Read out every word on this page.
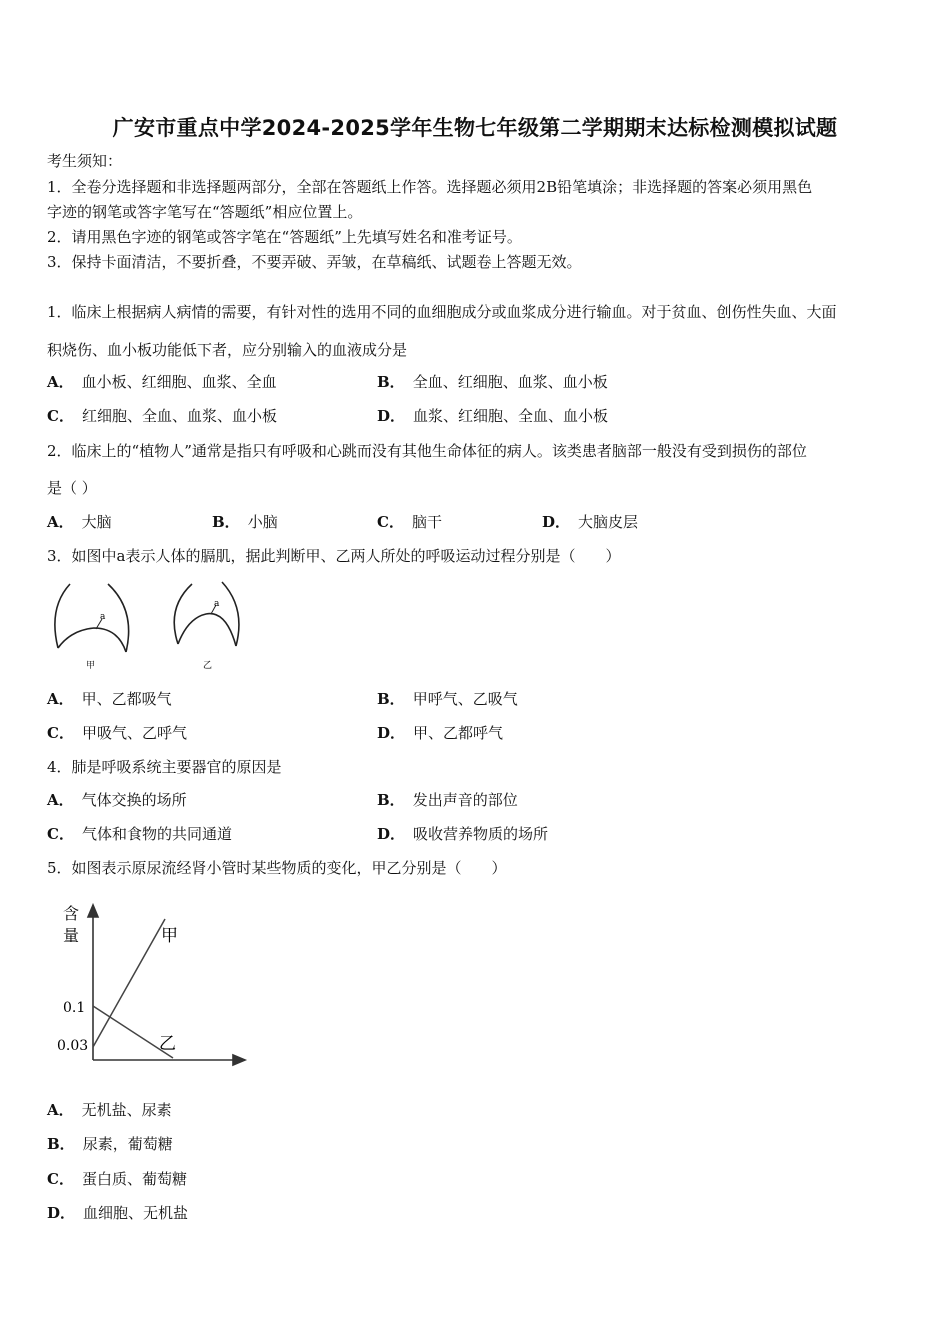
广安市重点中学2024-2025学年生物七年级第二学期期末达标检测模拟试题
考生须知：
1．全卷分选择题和非选择题两部分，全部在答题纸上作答。选择题必须用2B铅笔填涂；非选择题的答案必须用黑色
字迹的钢笔或答字笔写在“答题纸”相应位置上。
2．请用黑色字迹的钢笔或答字笔在“答题纸”上先填写姓名和准考证号。
3．保持卡面清洁，不要折叠，不要弄破、弄皱，在草稿纸、试题卷上答题无效。
1．临床上根据病人病情的需要，有针对性的选用不同的血细胞成分或血浆成分进行输血。对于贫血、创伤性失血、大面
积烧伤、血小板功能低下者，应分别输入的血液成分是
A． 血小板、红细胞、血浆、全血	B． 全血、红细胞、血浆、血小板
C． 红细胞、全血、血浆、血小板	D． 血浆、红细胞、全血、血小板
2．临床上的“植物人”通常是指只有呼吸和心跳而没有其他生命体征的病人。该类患者脑部一般没有受到损伤的部位
是（ ）
A． 大脑	B． 小脑	C． 脑干	D． 大脑皮层
3．如图中a表示人体的膈肌，据此判断甲、乙两人所处的呼吸运动过程分别是（　　）
a
甲
a
乙
A． 甲、乙都吸气	B． 甲呼气、乙吸气
C． 甲吸气、乙呼气	D． 甲、乙都呼气
4．肺是呼吸系统主要器官的原因是
A． 气体交换的场所	B． 发出声音的部位
C． 气体和食物的共同通道	D． 吸收营养物质的场所
5．如图表示原尿流经肾小管时某些物质的变化，甲乙分别是（　　）
含
量
0.1
0.03
甲
乙
A． 无机盐、尿素
B． 尿素，葡萄糖
C． 蛋白质、葡萄糖
D． 血细胞、无机盐
